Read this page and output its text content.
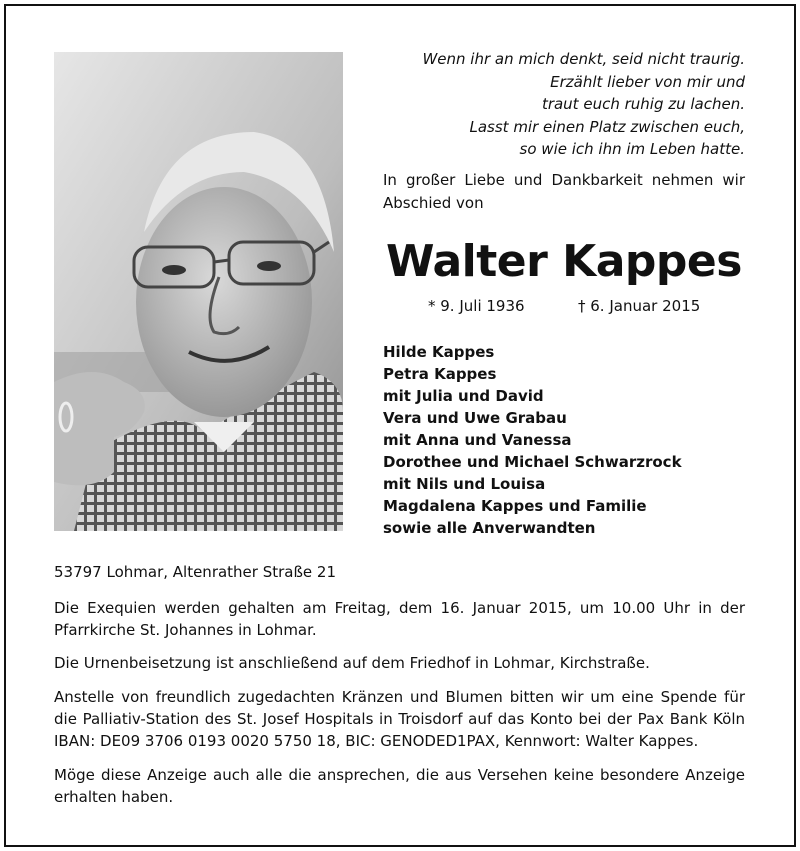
Wenn ihr an mich denkt, seid nicht traurig.
Erzählt lieber von mir und
traut euch ruhig zu lachen.
Lasst mir einen Platz zwischen euch,
so wie ich ihn im Leben hatte.
In großer Liebe und Dankbarkeit nehmen wir Abschied von
Walter Kappes
* 9. Juli 1936	† 6. Januar 2015
Hilde Kappes
Petra Kappes
mit Julia und David
Vera und Uwe Grabau
mit Anna und Vanessa
Dorothee und Michael Schwarzrock
mit Nils und Louisa
Magdalena Kappes und Familie
sowie alle Anverwandten
53797 Lohmar, Altenrather Straße 21
Die Exequien werden gehalten am Freitag, dem 16. Januar 2015, um 10.00 Uhr in der Pfarrkirche St. Johannes in Lohmar.
Die Urnenbeisetzung ist anschließend auf dem Friedhof in Lohmar, Kirchstraße.
Anstelle von freundlich zugedachten Kränzen und Blumen bitten wir um eine Spende für die Palliativ-Station des St. Josef Hospitals in Troisdorf auf das Konto bei der Pax Bank Köln IBAN: DE09 3706 0193 0020 5750 18, BIC: GENODED1PAX, Kennwort: Walter Kappes.
Möge diese Anzeige auch alle die ansprechen, die aus Versehen keine besondere Anzeige erhalten haben.
